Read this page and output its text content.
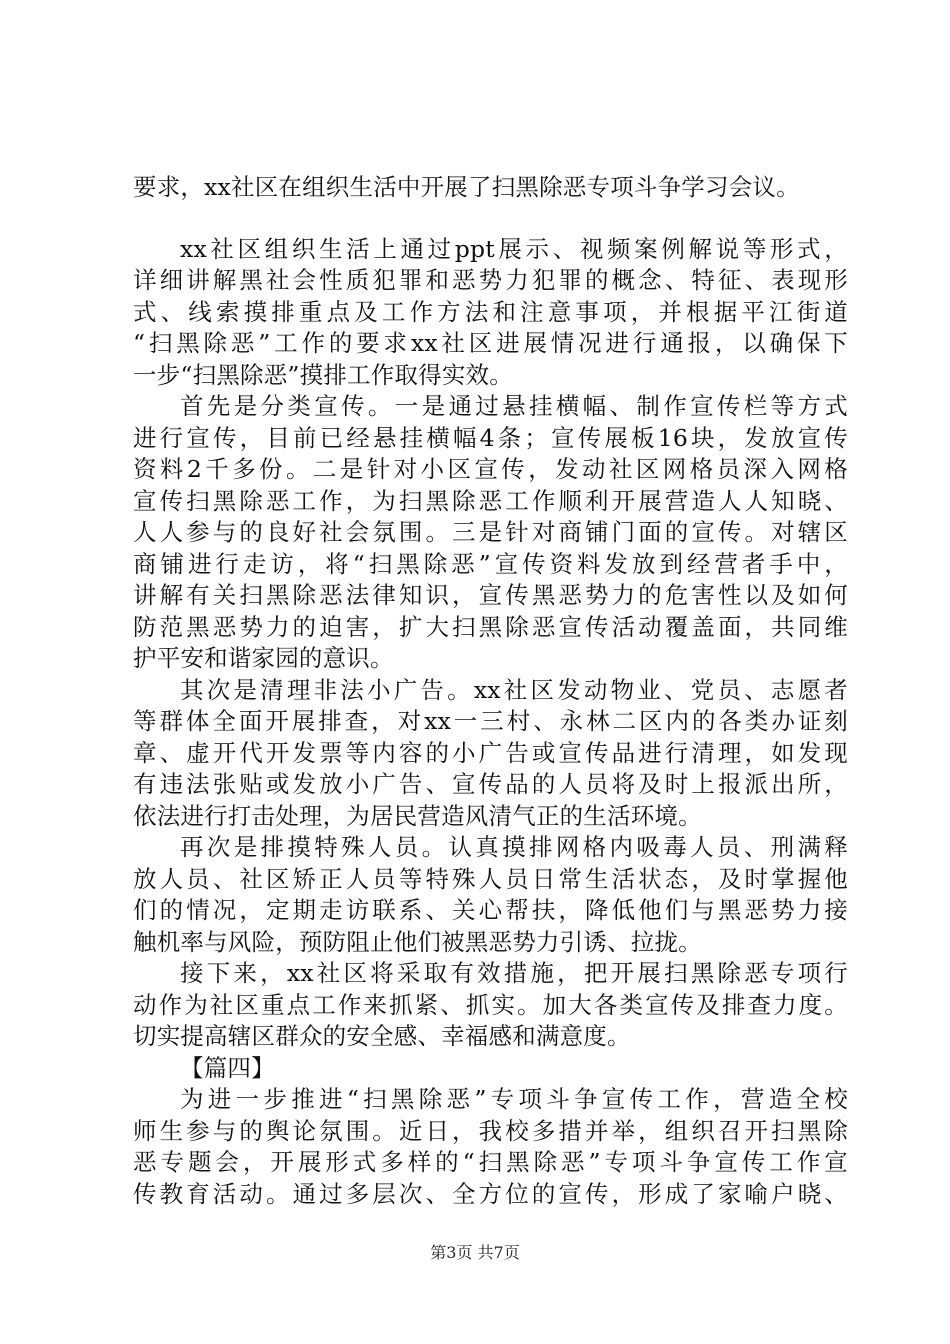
要求，xx社区在组织生活中开展了扫黑除恶专项斗争学习会议。
xx社区组织生活上通过ppt展示、视频案例解说等形式，
详细讲解黑社会性质犯罪和恶势力犯罪的概念、特征、表现形
式、线索摸排重点及工作方法和注意事项，并根据平江街道
“扫黑除恶”工作的要求xx社区进展情况进行通报，以确保下
一步“扫黑除恶”摸排工作取得实效。
首先是分类宣传。一是通过悬挂横幅、制作宣传栏等方式
进行宣传，目前已经悬挂横幅4条；宣传展板16块，发放宣传
资料2千多份。二是针对小区宣传，发动社区网格员深入网格
宣传扫黑除恶工作，为扫黑除恶工作顺利开展营造人人知晓、
人人参与的良好社会氛围。三是针对商铺门面的宣传。对辖区
商铺进行走访，将“扫黑除恶”宣传资料发放到经营者手中，
讲解有关扫黑除恶法律知识，宣传黑恶势力的危害性以及如何
防范黑恶势力的迫害，扩大扫黑除恶宣传活动覆盖面，共同维
护平安和谐家园的意识。
其次是清理非法小广告。xx社区发动物业、党员、志愿者
等群体全面开展排查，对xx一三村、永林二区内的各类办证刻
章、虚开代开发票等内容的小广告或宣传品进行清理，如发现
有违法张贴或发放小广告、宣传品的人员将及时上报派出所，
依法进行打击处理，为居民营造风清气正的生活环境。
再次是排摸特殊人员。认真摸排网格内吸毒人员、刑满释
放人员、社区矫正人员等特殊人员日常生活状态，及时掌握他
们的情况，定期走访联系、关心帮扶，降低他们与黑恶势力接
触机率与风险，预防阻止他们被黑恶势力引诱、拉拢。
接下来，xx社区将采取有效措施，把开展扫黑除恶专项行
动作为社区重点工作来抓紧、抓实。加大各类宣传及排查力度。
切实提高辖区群众的安全感、幸福感和满意度。
【篇四】
为进一步推进“扫黑除恶”专项斗争宣传工作，营造全校
师生参与的舆论氛围。近日，我校多措并举，组织召开扫黑除
恶专题会，开展形式多样的“扫黑除恶”专项斗争宣传工作宣
传教育活动。通过多层次、全方位的宣传，形成了家喻户晓、
第3页 共7页
